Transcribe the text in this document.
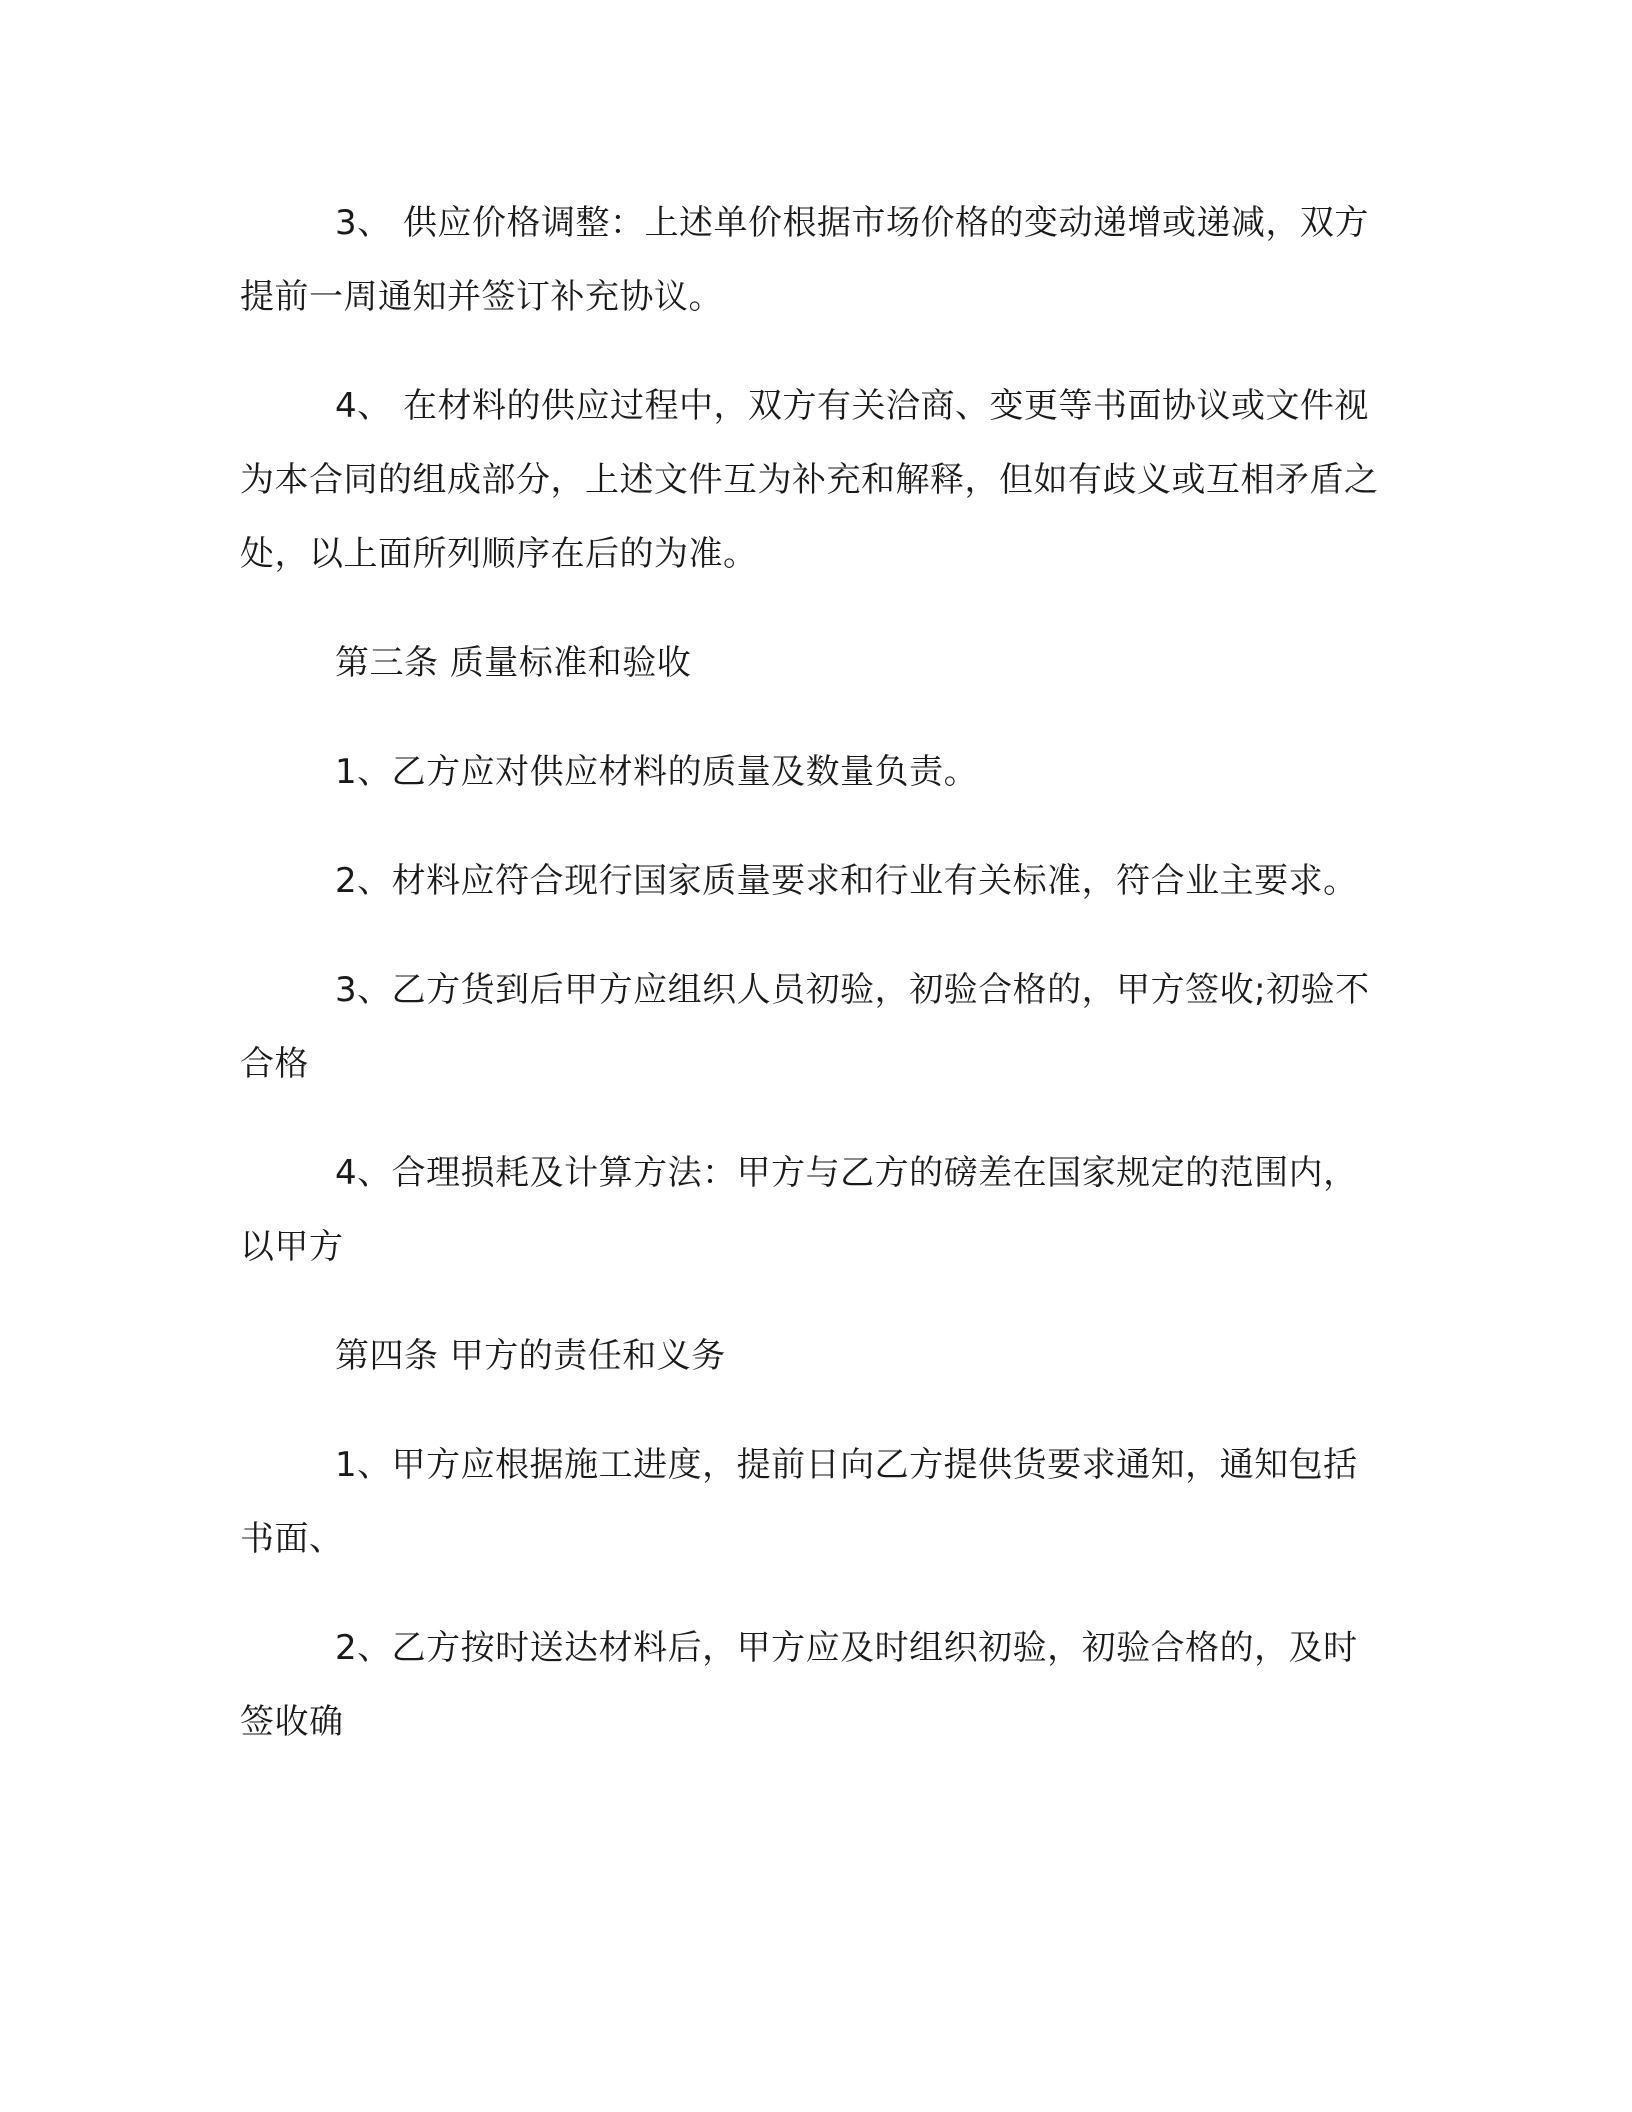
3、 供应价格调整：上述单价根据市场价格的变动递增或递减，双方提前一周通知并签订补充协议。

4、 在材料的供应过程中，双方有关洽商、变更等书面协议或文件视为本合同的组成部分，上述文件互为补充和解释，但如有歧义或互相矛盾之处，以上面所列顺序在后的为准。

第三条 质量标准和验收

1、乙方应对供应材料的质量及数量负责。

2、材料应符合现行国家质量要求和行业有关标准，符合业主要求。

3、乙方货到后甲方应组织人员初验，初验合格的，甲方签收;初验不合格

4、合理损耗及计算方法：甲方与乙方的磅差在国家规定的范围内，以甲方

第四条 甲方的责任和义务

1、甲方应根据施工进度，提前日向乙方提供货要求通知，通知包括书面、

2、乙方按时送达材料后，甲方应及时组织初验，初验合格的，及时签收确
